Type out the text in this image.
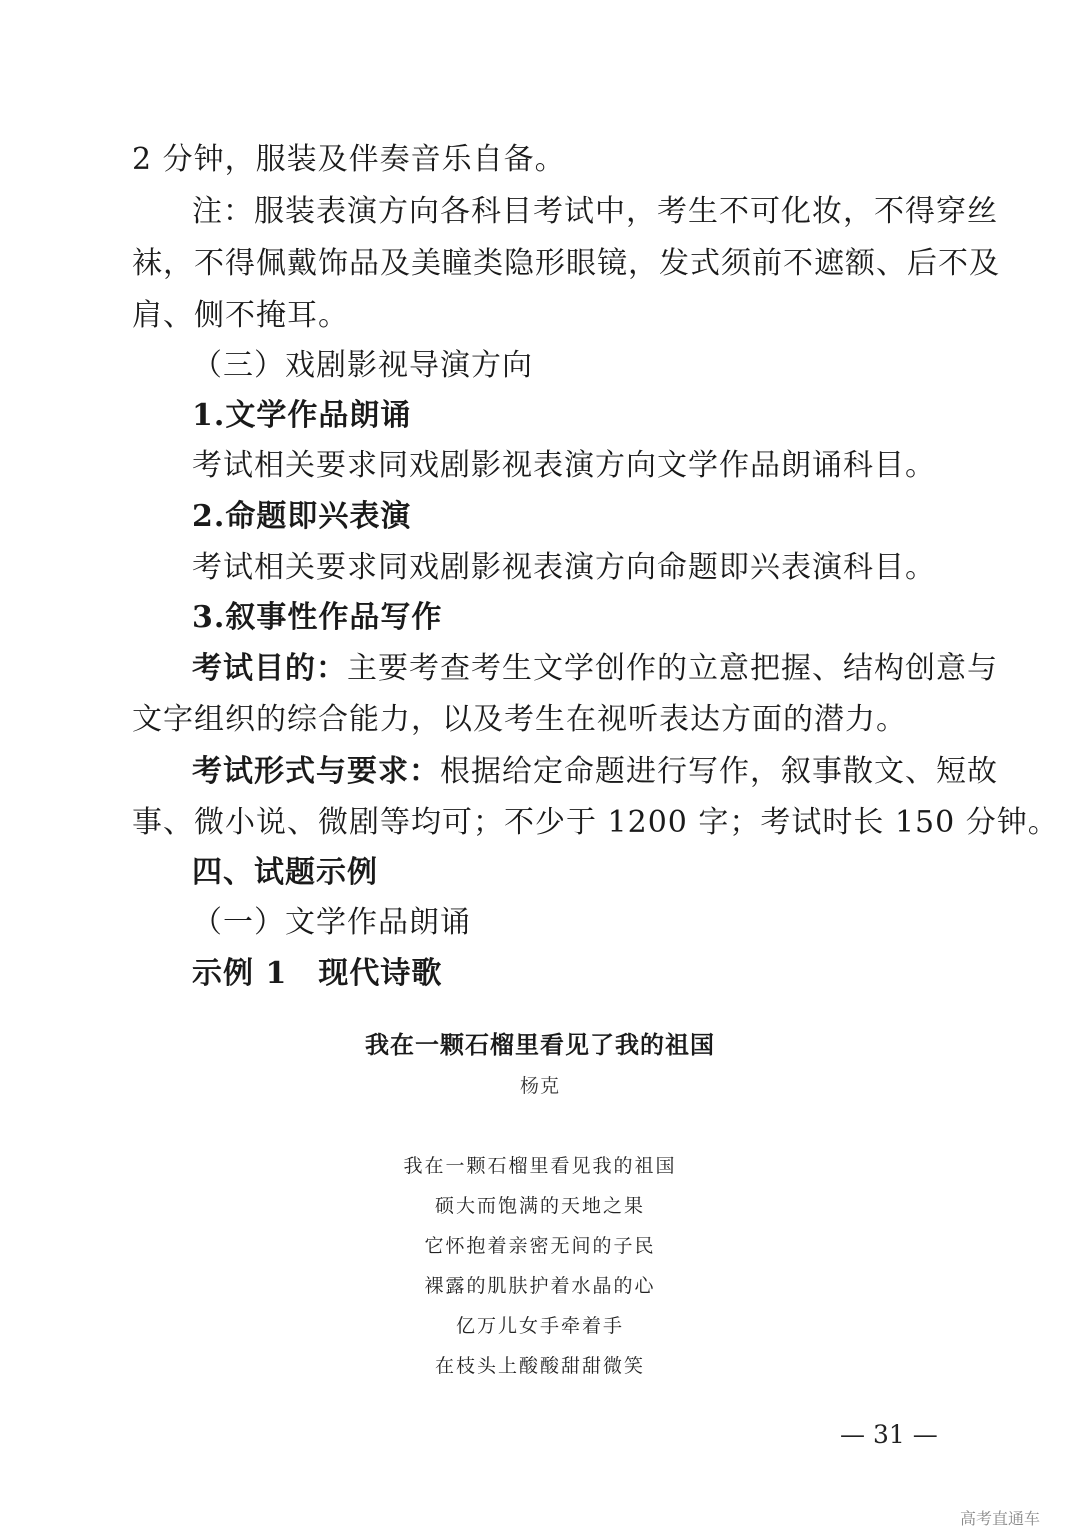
2 分钟，服装及伴奏音乐自备。
注：服装表演方向各科目考试中，考生不可化妆，不得穿丝
袜，不得佩戴饰品及美瞳类隐形眼镜，发式须前不遮额、后不及
肩、侧不掩耳。
（三）戏剧影视导演方向
1.文学作品朗诵
考试相关要求同戏剧影视表演方向文学作品朗诵科目。
2.命题即兴表演
考试相关要求同戏剧影视表演方向命题即兴表演科目。
3.叙事性作品写作
考试目的： 主要考查考生文学创作的立意把握、结构创意与
文字组织的综合能力，以及考生在视听表达方面的潜力。
考试形式与要求： 根据给定命题进行写作，叙事散文、短故
事、微小说、微剧等均可；不少于 1200 字；考试时长 150 分钟。
四、试题示例
（一）文学作品朗诵
示例 1　现代诗歌
我在一颗石榴里看见了我的祖国
杨克
我在一颗石榴里看见我的祖国
硕大而饱满的天地之果
它怀抱着亲密无间的子民
裸露的肌肤护着水晶的心
亿万儿女手牵着手
在枝头上酸酸甜甜微笑
— 31 —
高考直通车
